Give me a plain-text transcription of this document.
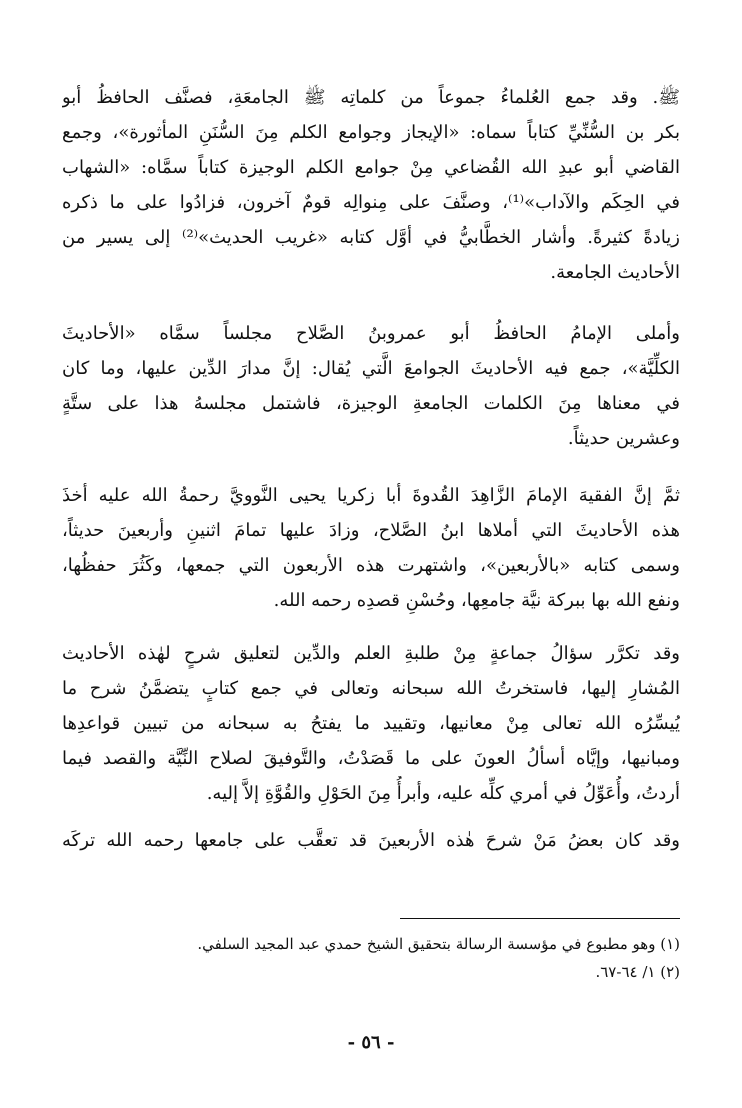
ﷺ. وقد جمع العُلماءُ جموعاً من كلماتِه ﷺ الجامعَةِ، فصنَّف الحافظُ أبو
بكر بن السُّنِّيِّ كتاباً سماه: «الإيجاز وجوامع الكلم مِنَ السُّنَنِ المأثورة»، وجمع
القاضي أبو عبدِ الله القُضاعي مِنْ جوامع الكلم الوجيزة كتاباً سمَّاه: «الشهاب
في الحِكَم والآداب»⁽¹⁾، وصنَّفَ على مِنوالِه قومٌ آخرون، فزادُوا على ما ذكره
زيادةً كثيرةً. وأشار الخطَّابيُّ في أوَّل كتابه «غريب الحديث»⁽²⁾ إلى يسير من
الأحاديث الجامعة.
وأملى الإمامُ الحافظُ أبو عمروبنُ الصَّلاح مجلساً سمَّاه «الأحاديثَ
الكلِّيَّة»، جمع فيه الأحاديثَ الجوامعَ الَّتي يُقال: إنَّ مدارَ الدِّين عليها، وما كان
في معناها مِنَ الكلمات الجامعةِ الوجيزة، فاشتمل مجلسهُ هذا على ستَّةٍ
وعشرين حديثاً.
ثمَّ إنَّ الفقيهَ الإمامَ الزَّاهِدَ القُدوةَ أبا زكريا يحيى النَّوويَّ رحمةُ الله عليه أخذَ
هذه الأحاديثَ التي أملاها ابنُ الصَّلاح، وزادَ عليها تمامَ اثنينِ وأربعينَ حديثاً،
وسمى كتابه «بالأربعين»، واشتهرت هذه الأربعون التي جمعها، وكَثُرَ حفظُها،
ونفع الله بها ببركة نيَّة جامعِها، وحُسْنِ قصدِه رحمه الله.
وقد تكرَّر سؤالُ جماعةٍ مِنْ طلبةِ العلم والدِّين لتعليق شرحٍ لهٰذه الأحاديث
المُشارِ إليها، فاستخرتُ الله سبحانه وتعالى في جمع كتابٍ يتضمَّنُ شرح ما
يُيسِّرُه الله تعالى مِنْ معانيها، وتقييد ما يفتحُ به سبحانه من تبيين قواعدِها
ومبانيها، وإيَّاه أسألُ العونَ على ما قَصَدْتُ، والتَّوفيقَ لصلاح النِّيَّة والقصد فيما
أردتُ، وأُعَوِّلُ في أمري كلِّه عليه، وأبرأُ مِنَ الحَوْلِ والقُوَّةِ إلاَّ إليه.
وقد كان بعضُ مَنْ شرحَ هٰذه الأربعينَ قد تعقَّب على جامعها رحمه الله تركَه
(١) وهو مطبوع في مؤسسة الرسالة بتحقيق الشيخ حمدي عبد المجيد السلفي.
(٢) ١/ ٦٤-٦٧.
- ٥٦ -
